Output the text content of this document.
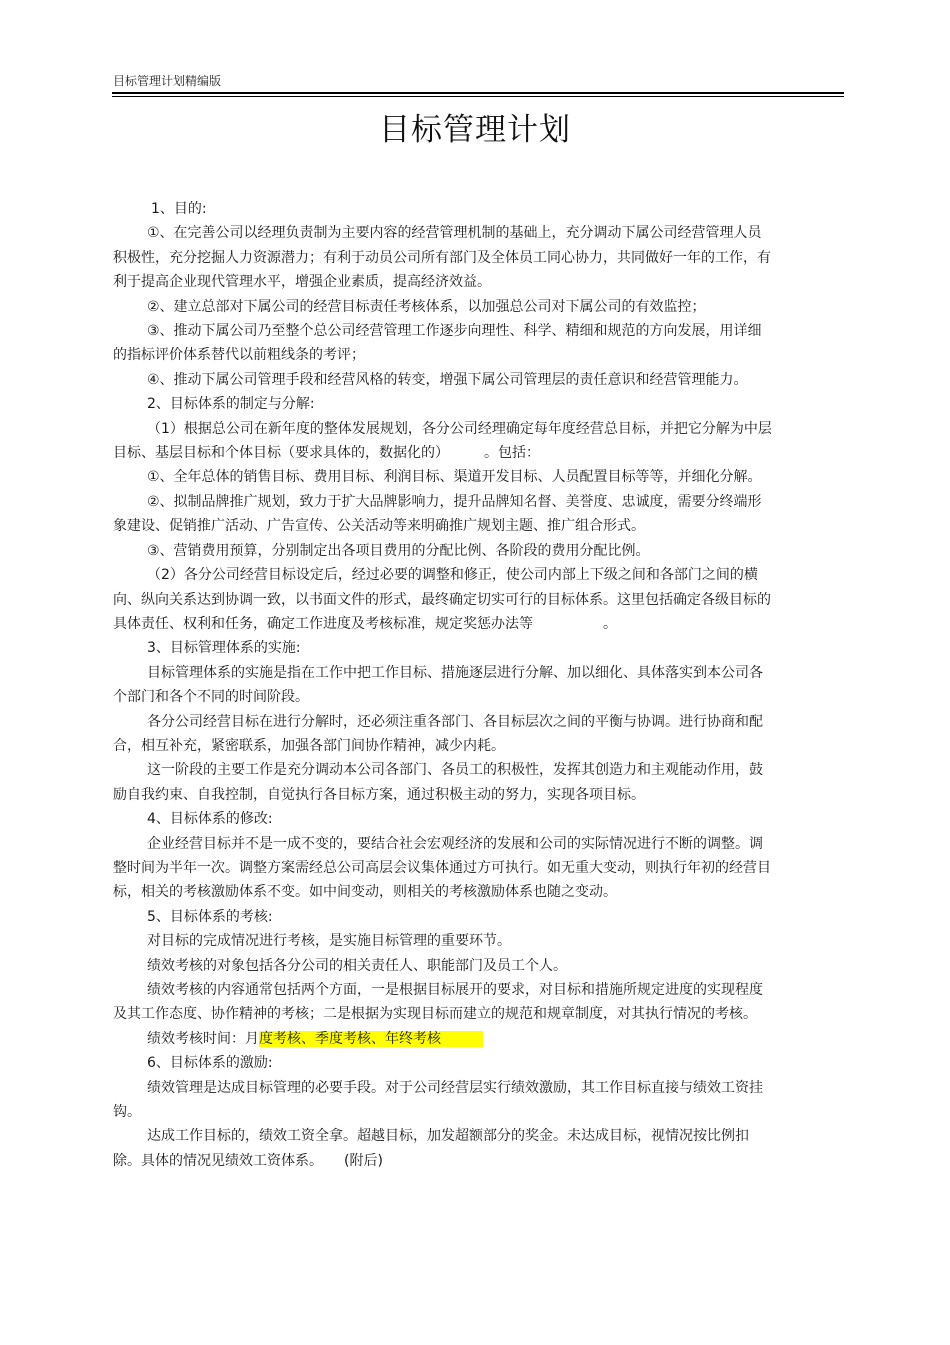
目标管理计划精编版
目标管理计划

1、目的:

①、在完善公司以经理负责制为主要内容的经营管理机制的基础上，充分调动下属公司经营管理人员积极性，充分挖掘人力资源潜力；有利于动员公司所有部门及全体员工同心协力，共同做好一年的工作，有利于提高企业现代管理水平，增强企业素质，提高经济效益。

②、建立总部对下属公司的经营目标责任考核体系，以加强总公司对下属公司的有效监控；

③、推动下属公司乃至整个总公司经营管理工作逐步向理性、科学、精细和规范的方向发展，用详细的指标评价体系替代以前粗线条的考评；

④、推动下属公司管理手段和经营风格的转变，增强下属公司管理层的责任意识和经营管理能力。

2、目标体系的制定与分解:

（1）根据总公司在新年度的整体发展规划，各分公司经理确定每年度经营总目标，并把它分解为中层目标、基层目标和个体目标（要求具体的，数据化的）　　　。包括：

①、全年总体的销售目标、费用目标、利润目标、渠道开发目标、人员配置目标等等，并细化分解。

②、拟制品牌推广规划，致力于扩大品牌影响力，提升品牌知名督、美誉度、忠诚度，需要分终端形象建设、促销推广活动、广告宣传、公关活动等来明确推广规划主题、推广组合形式。

③、营销费用预算，分别制定出各项目费用的分配比例、各阶段的费用分配比例。

（2）各分公司经营目标设定后，经过必要的调整和修正，使公司内部上下级之间和各部门之间的横向、纵向关系达到协调一致，以书面文件的形式，最终确定切实可行的目标体系。这里包括确定各级目标的具体责任、权利和任务，确定工作进度及考核标准，规定奖惩办法等　　　　　。

3、目标管理体系的实施:

目标管理体系的实施是指在工作中把工作目标、措施逐层进行分解、加以细化、具体落实到本公司各个部门和各个不同的时间阶段。

各分公司经营目标在进行分解时，还必须注重各部门、各目标层次之间的平衡与协调。进行协商和配合，相互补充，紧密联系，加强各部门间协作精神，减少内耗。

这一阶段的主要工作是充分调动本公司各部门、各员工的积极性，发挥其创造力和主观能动作用，鼓励自我约束、自我控制，自觉执行各目标方案，通过积极主动的努力，实现各项目标。

4、目标体系的修改:

企业经营目标并不是一成不变的，要结合社会宏观经济的发展和公司的实际情况进行不断的调整。调整时间为半年一次。调整方案需经总公司高层会议集体通过方可执行。如无重大变动，则执行年初的经营目标，相关的考核激励体系不变。如中间变动，则相关的考核激励体系也随之变动。

5、目标体系的考核:

对目标的完成情况进行考核，是实施目标管理的重要环节。

绩效考核的对象包括各分公司的相关责任人、职能部门及员工个人。

绩效考核的内容通常包括两个方面，一是根据目标展开的要求，对目标和措施所规定进度的实现程度及其工作态度、协作精神的考核；二是根据为实现目标而建立的规范和规章制度，对其执行情况的考核。

绩效考核时间：月度考核、季度考核、年终考核

6、目标体系的激励:

绩效管理是达成目标管理的必要手段。对于公司经营层实行绩效激励，其工作目标直接与绩效工资挂钩。

达成工作目标的，绩效工资全拿。超越目标，加发超额部分的奖金。未达成目标，视情况按比例扣除。具体的情况见绩效工资体系。　　(附后)
